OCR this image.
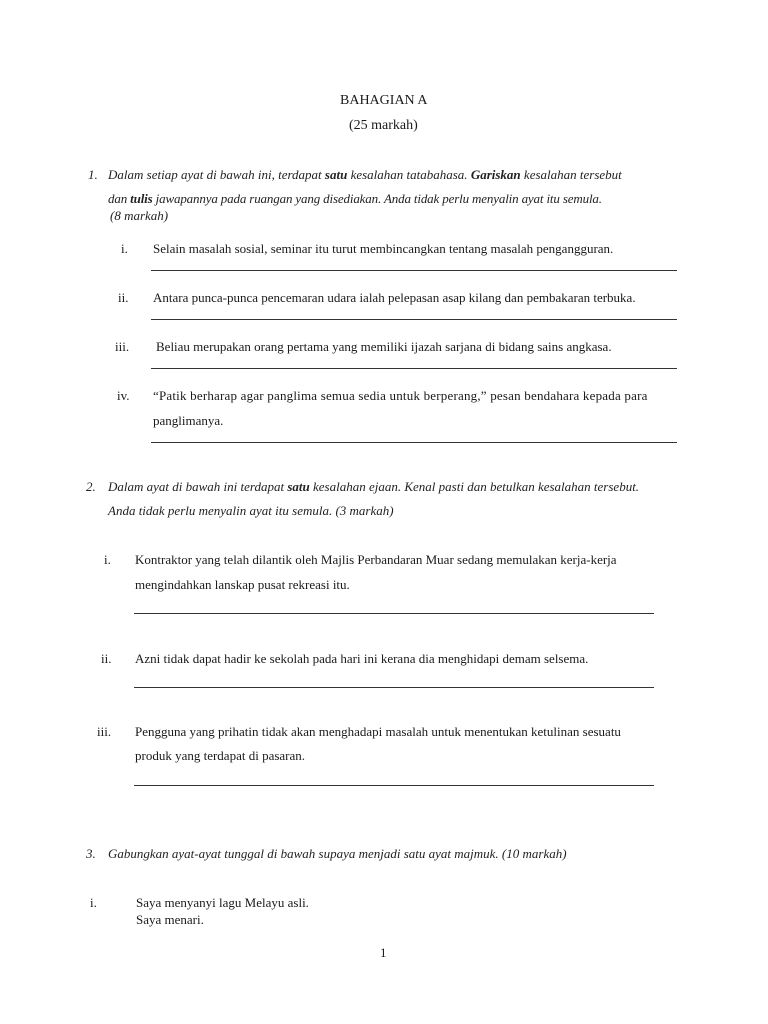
BAHAGIAN A
(25 markah)
1. Dalam setiap ayat di bawah ini, terdapat satu kesalahan tatabahasa. Gariskan kesalahan tersebut
dan tulis jawapannya pada ruangan yang disediakan. Anda tidak perlu menyalin ayat itu semula.
(8 markah)
i. Selain masalah sosial, seminar itu turut membincangkan tentang masalah pengangguran.
ii. Antara punca-punca pencemaran udara ialah pelepasan asap kilang dan pembakaran terbuka.
iii. Beliau merupakan orang pertama yang memiliki ijazah sarjana di bidang sains angkasa.
iv. “Patik berharap agar panglima semua sedia untuk berperang,” pesan bendahara kepada para
panglimanya.
2. Dalam ayat di bawah ini terdapat satu kesalahan ejaan. Kenal pasti dan betulkan kesalahan tersebut.
Anda tidak perlu menyalin ayat itu semula. (3 markah)
i. Kontraktor yang telah dilantik oleh Majlis Perbandaran Muar sedang memulakan kerja-kerja
mengindahkan lanskap pusat rekreasi itu.
ii. Azni tidak dapat hadir ke sekolah pada hari ini kerana dia menghidapi demam selsema.
iii. Pengguna yang prihatin tidak akan menghadapi masalah untuk menentukan ketulinan sesuatu
produk yang terdapat di pasaran.
3. Gabungkan ayat-ayat tunggal di bawah supaya menjadi satu ayat majmuk. (10 markah)
i.	Saya menyanyi lagu Melayu asli.
Saya menari.
1
